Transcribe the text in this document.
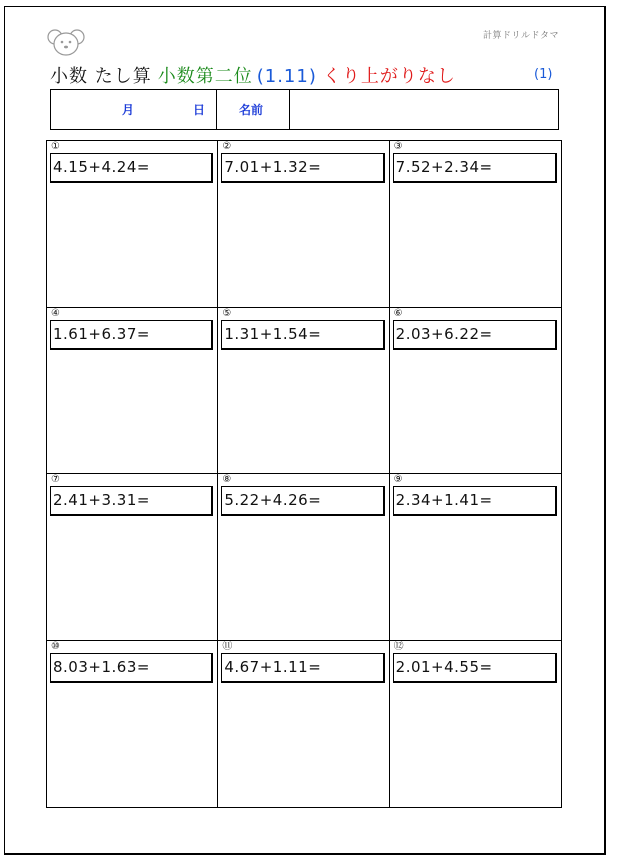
計算ドリルドタマ
小数 たし算 小数第二位 (1.11) くり上がりなし	(1)
月	日	名前
①
4.15+4.24=
②
7.01+1.32=
③
7.52+2.34=
④
1.61+6.37=
⑤
1.31+1.54=
⑥
2.03+6.22=
⑦
2.41+3.31=
⑧
5.22+4.26=
⑨
2.34+1.41=
⑩
8.03+1.63=
⑪
4.67+1.11=
⑫
2.01+4.55=
